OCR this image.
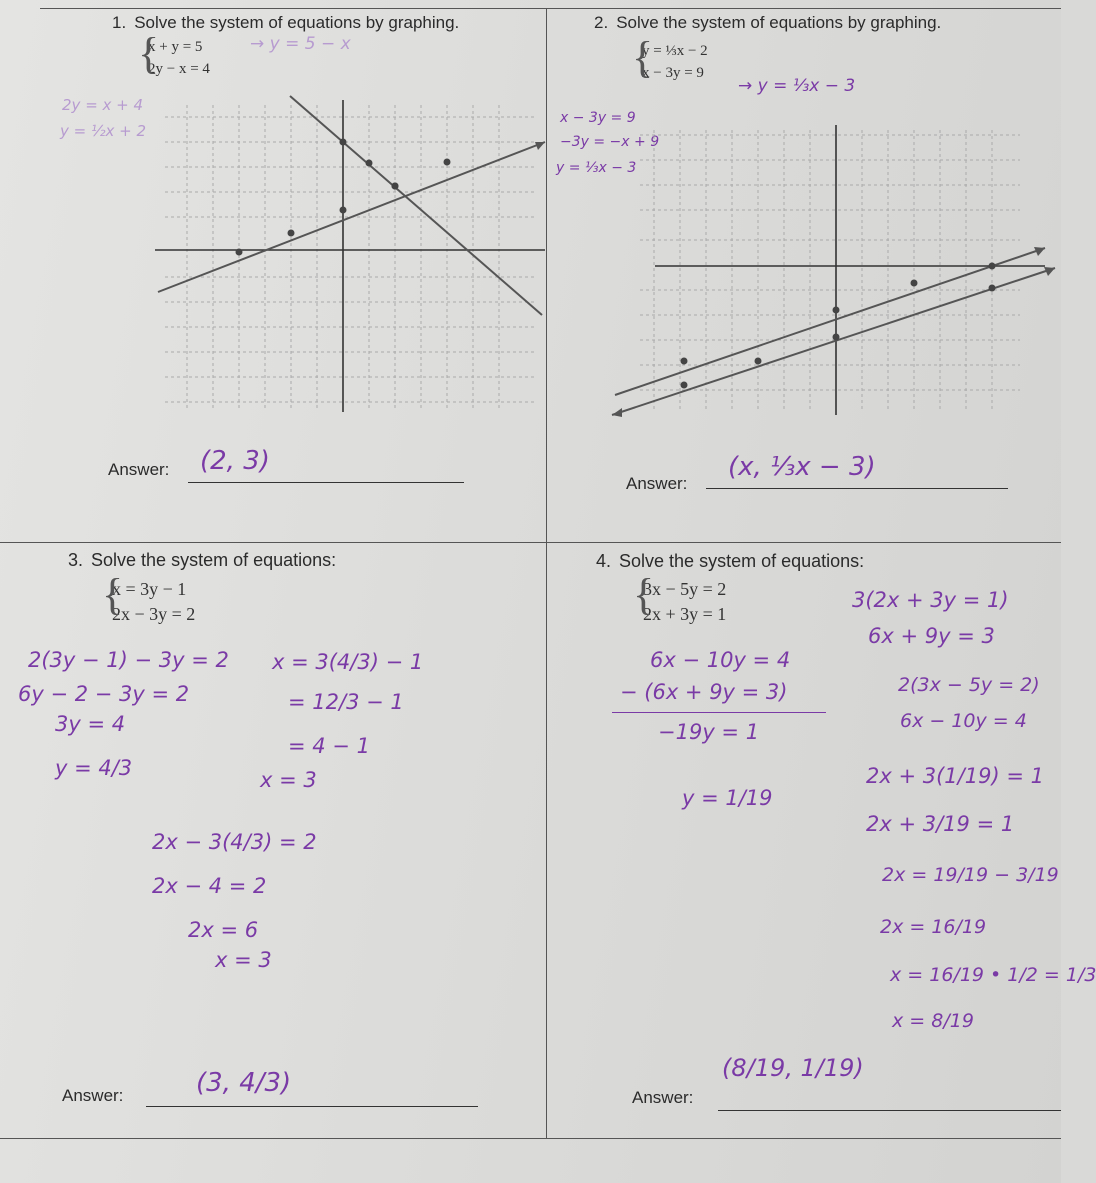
1. Solve the system of equations by graphing.
{
x + y = 5
2y − x = 4
→ y = 5 − x
2y = x + 4
y = ½x + 2
Answer: (2, 3)
2. Solve the system of equations by graphing.
{
y = ⅓x − 2
x − 3y = 9
→ y = ⅓x − 3
x − 3y = 9
−3y = −x + 9
y = ⅓x − 3
Answer:
(x, ⅓x − 3)
3. Solve the system of equations:
{
x = 3y − 1
2x − 3y = 2
2(3y − 1) − 3y = 2
6y − 2 − 3y = 2
3y = 4
y = 4/3
x = 3(4/3) − 1
= 12/3 − 1
= 4 − 1
x = 3
2x − 3(4/3) = 2
2x − 4 = 2
2x = 6
x = 3
Answer:	(3, 4/3)
4. Solve the system of equations:
{
3x − 5y = 2
2x + 3y = 1
6x − 10y = 4
− (6x + 9y = 3)
−19y = 1
y = 1/19
3(2x + 3y = 1)
6x + 9y = 3
2(3x − 5y = 2)
6x − 10y = 4
2x + 3(1/19) = 1
2x + 3/19 = 1
2x = 19/19 − 3/19
2x = 16/19
x = 16/19 • 1/2 = 1/3
x = 8/19
Answer:
(8/19, 1/19)
